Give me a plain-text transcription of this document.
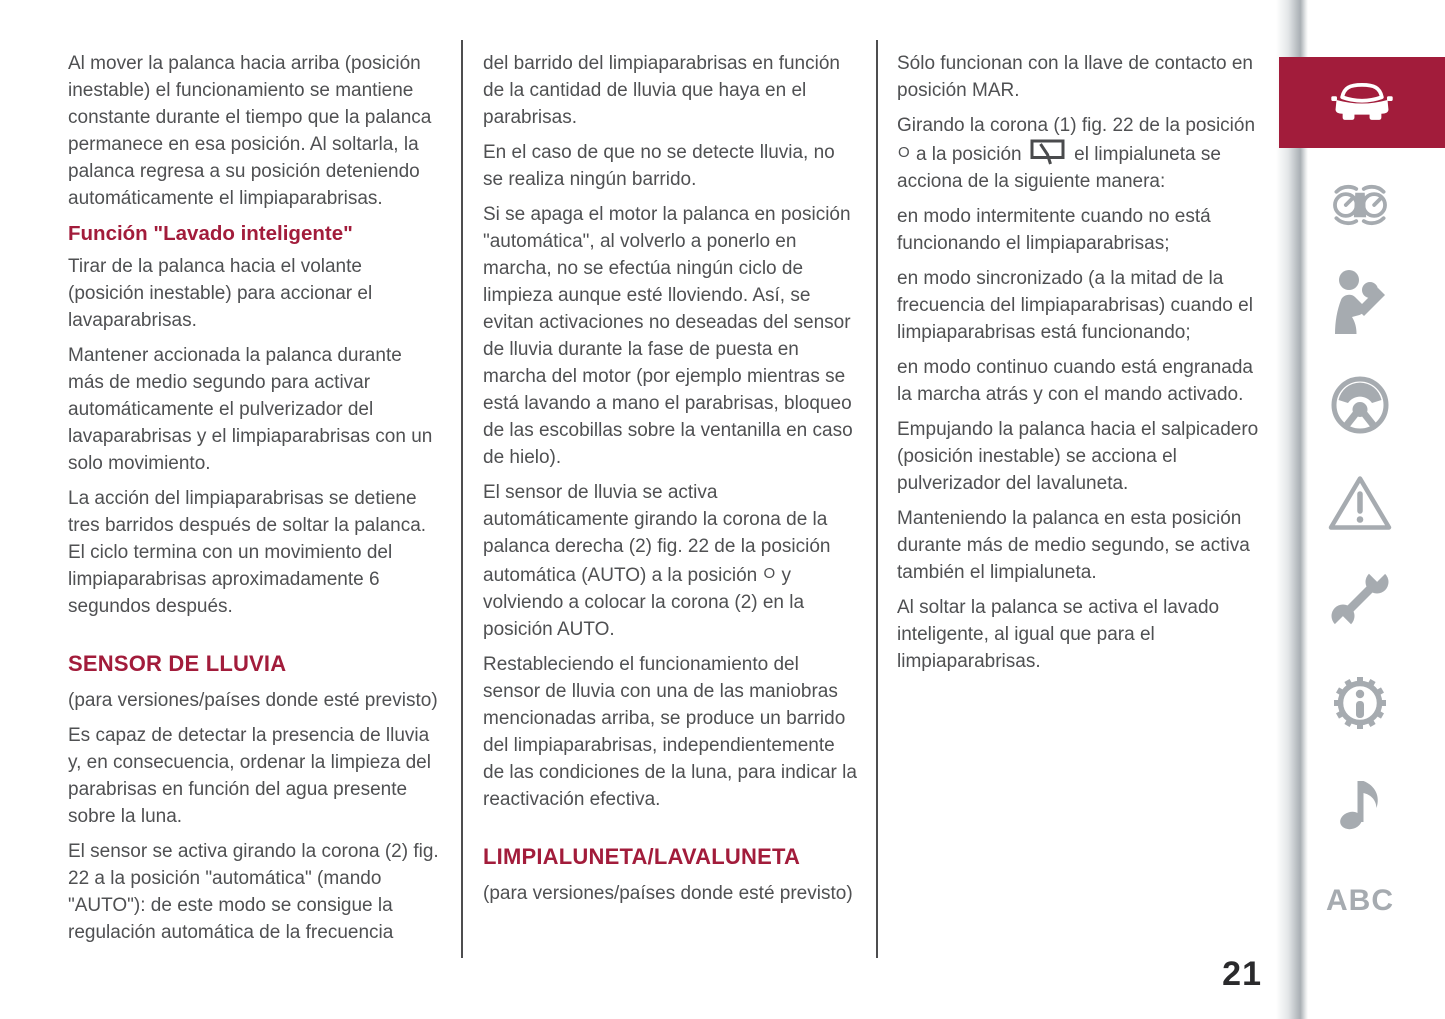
Al mover la palanca hacia arriba (posición inestable) el funcionamiento se mantiene constante durante el tiempo que la palanca permanece en esa posición. Al soltarla, la palanca regresa a su posición deteniendo automáticamente el limpiaparabrisas.

Función "Lavado inteligente"

Tirar de la palanca hacia el volante (posición inestable) para accionar el lavaparabrisas.

Mantener accionada la palanca durante más de medio segundo para activar automáticamente el pulverizador del lavaparabrisas y el limpiaparabrisas con un solo movimiento.

La acción del limpiaparabrisas se detiene tres barridos después de soltar la palanca. El ciclo termina con un movimiento del limpiaparabrisas aproximadamente 6 segundos después.

SENSOR DE LLUVIA

(para versiones/países donde esté previsto)

Es capaz de detectar la presencia de lluvia y, en consecuencia, ordenar la limpieza del parabrisas en función del agua presente sobre la luna.

El sensor se activa girando la corona (2) fig. 22 a la posición "automática" (mando "AUTO"): de este modo se consigue la regulación automática de la frecuencia

del barrido del limpiaparabrisas en función de la cantidad de lluvia que haya en el parabrisas.

En el caso de que no se detecte lluvia, no se realiza ningún barrido.

Si se apaga el motor la palanca en posición "automática", al volverlo a ponerlo en marcha, no se efectúa ningún ciclo de limpieza aunque esté lloviendo. Así, se evitan activaciones no deseadas del sensor de lluvia durante la fase de puesta en marcha del motor (por ejemplo mientras se está lavando a mano el parabrisas, bloqueo de las escobillas sobre la ventanilla en caso de hielo).

El sensor de lluvia se activa automáticamente girando la corona de la palanca derecha (2) fig. 22 de la posición automática (AUTO) a la posición O y volviendo a colocar la corona (2) en la posición AUTO.

Restableciendo el funcionamiento del sensor de lluvia con una de las maniobras mencionadas arriba, se produce un barrido del limpiaparabrisas, independientemente de las condiciones de la luna, para indicar la reactivación efectiva.

LIMPIALUNETA/LAVALUNETA

(para versiones/países donde esté previsto)

Sólo funcionan con la llave de contacto en posición MAR.

Girando la corona (1) fig. 22 de la posición O a la posición  el limpialuneta se acciona de la siguiente manera:

en modo intermitente cuando no está funcionando el limpiaparabrisas;

en modo sincronizado (a la mitad de la frecuencia del limpiaparabrisas) cuando el limpiaparabrisas está funcionando;

en modo continuo cuando está engranada la marcha atrás y con el mando activado.

Empujando la palanca hacia el salpicadero (posición inestable) se acciona el pulverizador del lavaluneta.

Manteniendo la palanca en esta posición durante más de medio segundo, se activa también el limpialuneta.

Al soltar la palanca se activa el lavado inteligente, al igual que para el limpiaparabrisas.

ABC
21
